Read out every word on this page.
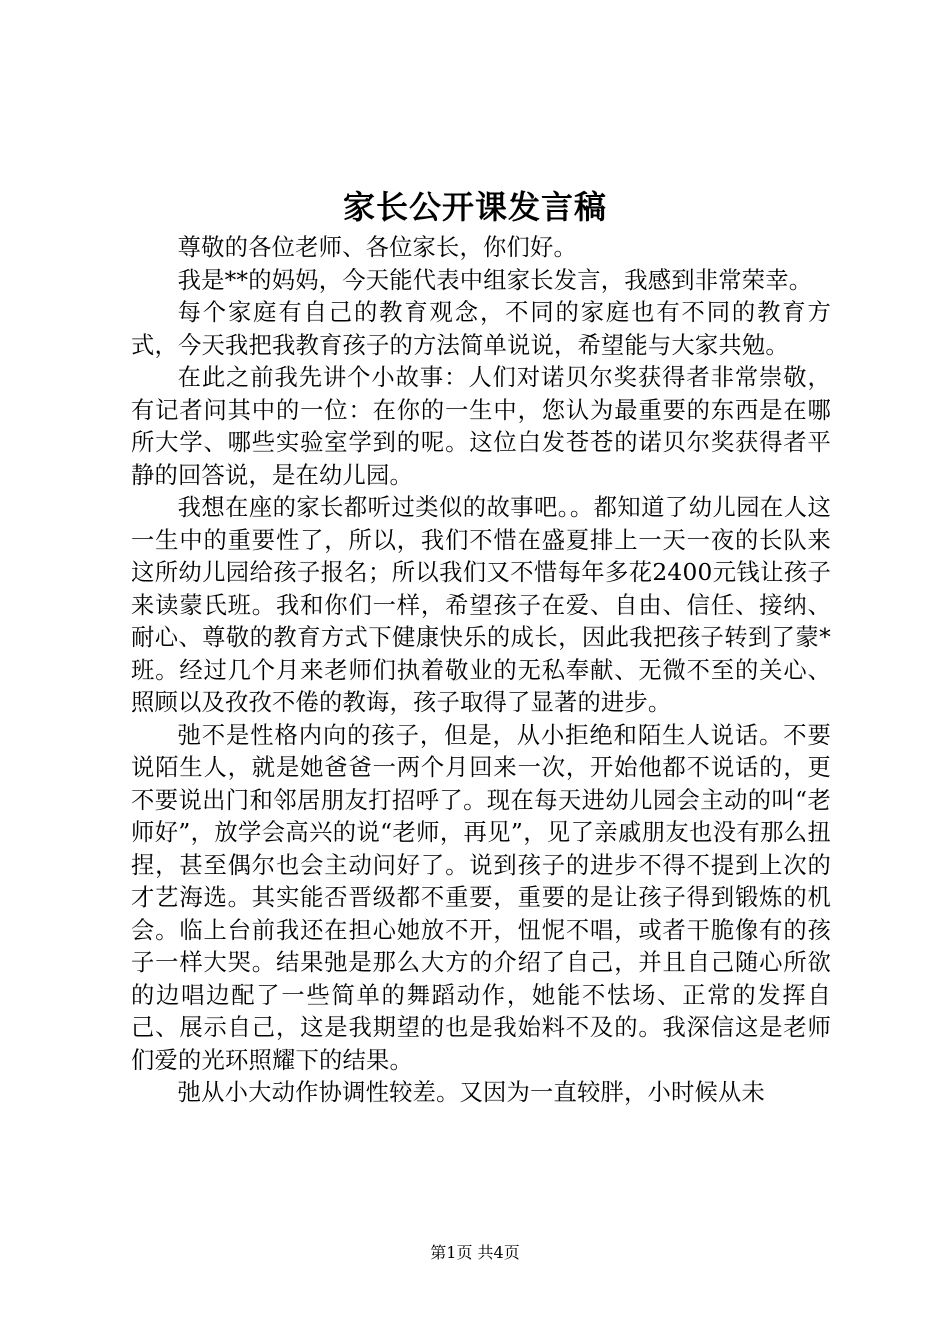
家长公开课发言稿

尊敬的各位老师、各位家长，你们好。

我是**的妈妈，今天能代表中组家长发言，我感到非常荣幸。

每个家庭有自己的教育观念，不同的家庭也有不同的教育方式，今天我把我教育孩子的方法简单说说，希望能与大家共勉。

在此之前我先讲个小故事：人们对诺贝尔奖获得者非常崇敬，有记者问其中的一位：在你的一生中，您认为最重要的东西是在哪所大学、哪些实验室学到的呢。这位白发苍苍的诺贝尔奖获得者平静的回答说，是在幼儿园。

我想在座的家长都听过类似的故事吧。。都知道了幼儿园在人这一生中的重要性了，所以，我们不惜在盛夏排上一天一夜的长队来这所幼儿园给孩子报名；所以我们又不惜每年多花2400元钱让孩子来读蒙氏班。我和你们一样，希望孩子在爱、自由、信任、接纳、耐心、尊敬的教育方式下健康快乐的成长，因此我把孩子转到了蒙*班。经过几个月来老师们执着敬业的无私奉献、无微不至的关心、照顾以及孜孜不倦的教诲，孩子取得了显著的进步。

弛不是性格内向的孩子，但是，从小拒绝和陌生人说话。不要说陌生人，就是她爸爸一两个月回来一次，开始他都不说话的，更不要说出门和邻居朋友打招呼了。现在每天进幼儿园会主动的叫“老师好”，放学会高兴的说“老师，再见”，见了亲戚朋友也没有那么扭捏，甚至偶尔也会主动问好了。说到孩子的进步不得不提到上次的才艺海选。其实能否晋级都不重要，重要的是让孩子得到锻炼的机会。临上台前我还在担心她放不开，忸怩不唱，或者干脆像有的孩子一样大哭。结果弛是那么大方的介绍了自己，并且自己随心所欲的边唱边配了一些简单的舞蹈动作，她能不怯场、正常的发挥自己、展示自己，这是我期望的也是我始料不及的。我深信这是老师们爱的光环照耀下的结果。

弛从小大动作协调性较差。又因为一直较胖，小时候从未

第1页 共4页
